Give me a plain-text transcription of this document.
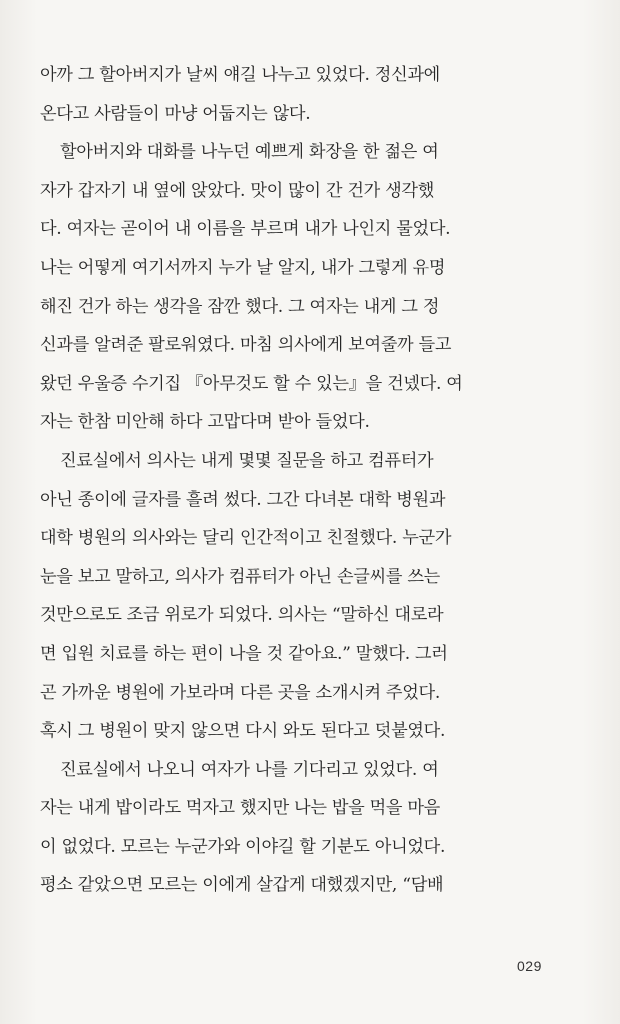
아까 그 할아버지가 날씨 얘길 나누고 있었다. 정신과에
온다고 사람들이 마냥 어둡지는 않다.
할아버지와 대화를 나누던 예쁘게 화장을 한 젊은 여
자가 갑자기 내 옆에 앉았다. 맛이 많이 간 건가 생각했
다. 여자는 곧이어 내 이름을 부르며 내가 나인지 물었다.
나는 어떻게 여기서까지 누가 날 알지, 내가 그렇게 유명
해진 건가 하는 생각을 잠깐 했다. 그 여자는 내게 그 정
신과를 알려준 팔로워였다. 마침 의사에게 보여줄까 들고
왔던 우울증 수기집 『아무것도 할 수 있는』을 건넸다. 여
자는 한참 미안해 하다 고맙다며 받아 들었다.
진료실에서 의사는 내게 몇몇 질문을 하고 컴퓨터가
아닌 종이에 글자를 흘려 썼다. 그간 다녀본 대학 병원과
대학 병원의 의사와는 달리 인간적이고 친절했다. 누군가
눈을 보고 말하고, 의사가 컴퓨터가 아닌 손글씨를 쓰는
것만으로도 조금 위로가 되었다. 의사는 “말하신 대로라
면 입원 치료를 하는 편이 나을 것 같아요.” 말했다. 그러
곤 가까운 병원에 가보라며 다른 곳을 소개시켜 주었다.
혹시 그 병원이 맞지 않으면 다시 와도 된다고 덧붙였다.
진료실에서 나오니 여자가 나를 기다리고 있었다. 여
자는 내게 밥이라도 먹자고 했지만 나는 밥을 먹을 마음
이 없었다. 모르는 누군가와 이야길 할 기분도 아니었다.
평소 같았으면 모르는 이에게 살갑게 대했겠지만, “담배
029
